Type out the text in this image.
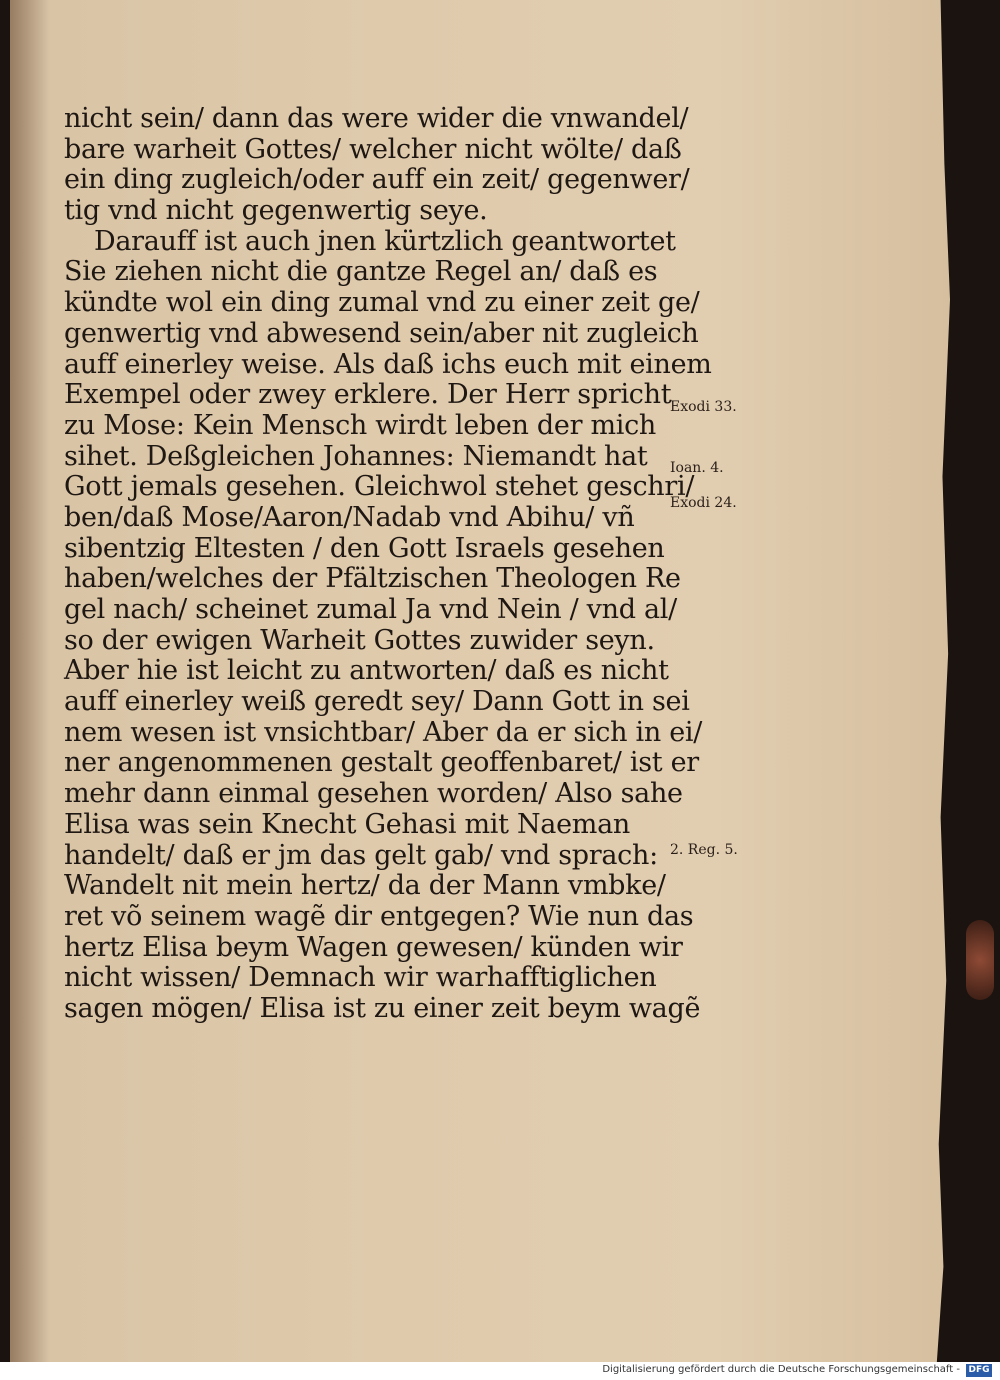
nicht sein/ dann das were wider die vnwandel/
bare warheit Gottes/ welcher nicht wölte/ daß
ein ding zugleich/oder auff ein zeit/ gegenwer/
tig vnd nicht gegenwertig seye.
Darauff ist auch jnen kürtzlich geantwortet
Sie ziehen nicht die gantze Regel an/ daß es
kündte wol ein ding zumal vnd zu einer zeit ge/
genwertig vnd abwesend sein/aber nit zugleich
auff einerley weise. Als daß ichs euch mit einem
Exempel oder zwey erklere. Der Herr spricht
zu Mose: Kein Mensch wirdt leben der mich
sihet. Deßgleichen Johannes: Niemandt hat
Gott jemals gesehen. Gleichwol stehet geschri/
ben/daß Mose/Aaron/Nadab vnd Abihu/ vñ
sibentzig Eltesten / den Gott Israels gesehen
haben/welches der Pfältzischen Theologen Re
gel nach/ scheinet zumal Ja vnd Nein / vnd al/
so der ewigen Warheit Gottes zuwider seyn.
Aber hie ist leicht zu antworten/ daß es nicht
auff einerley weiß geredt sey/ Dann Gott in sei
nem wesen ist vnsichtbar/ Aber da er sich in ei/
ner angenommenen gestalt geoffenbaret/ ist er
mehr dann einmal gesehen worden/ Also sahe
Elisa was sein Knecht Gehasi mit Naeman
handelt/ daß er jm das gelt gab/ vnd sprach:
Wandelt nit mein hertz/ da der Mann vmbke/
ret võ seinem wagẽ dir entgegen? Wie nun das
hertz Elisa beym Wagen gewesen/ künden wir
nicht wissen/ Demnach wir warhafftiglichen
sagen mögen/ Elisa ist zu einer zeit beym wagẽ
Exodi 33.
Ioan. 4.
Exodi 24.
2. Reg. 5.
Digitalisierung gefördert durch die Deutsche Forschungsgemeinschaft - DFG
